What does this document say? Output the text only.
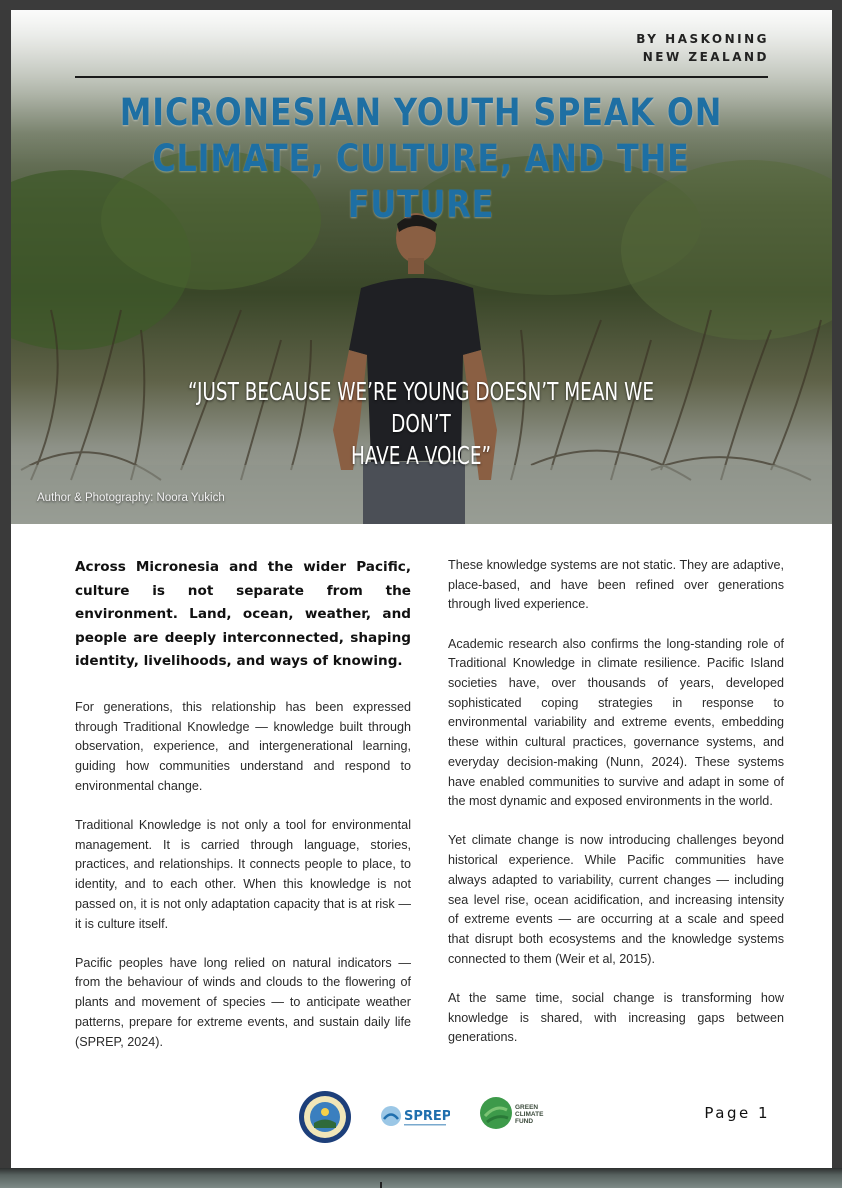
BY HASKONING
NEW ZEALAND
MICRONESIAN YOUTH SPEAK ON
CLIMATE, CULTURE, AND THE FUTURE
“JUST BECAUSE WE’RE YOUNG DOESN’T MEAN WE DON’T
HAVE A VOICE”
Author & Photography: Noora Yukich

Across Micronesia and the wider Pacific, culture is not separate from the environment. Land, ocean, weather, and people are deeply interconnected, shaping identity, livelihoods, and ways of knowing.

For generations, this relationship has been expressed through Traditional Knowledge — knowledge built through observation, experience, and intergenerational learning, guiding how communities understand and respond to environmental change.

Traditional Knowledge is not only a tool for environmental management. It is carried through language, stories, practices, and relationships. It connects people to place, to identity, and to each other. When this knowledge is not passed on, it is not only adaptation capacity that is at risk — it is culture itself.

Pacific peoples have long relied on natural indicators — from the behaviour of winds and clouds to the flowering of plants and movement of species — to anticipate weather patterns, prepare for extreme events, and sustain daily life (SPREP, 2024).

These knowledge systems are not static. They are adaptive, place-based, and have been refined over generations through lived experience.

Academic research also confirms the long-standing role of Traditional Knowledge in climate resilience. Pacific Island societies have, over thousands of years, developed sophisticated coping strategies in response to environmental variability and extreme events, embedding these within cultural practices, governance systems, and everyday decision-making (Nunn, 2024). These systems have enabled communities to survive and adapt in some of the most dynamic and exposed environments in the world.

Yet climate change is now introducing challenges beyond historical experience. While Pacific communities have always adapted to variability, current changes — including sea level rise, ocean acidification, and increasing intensity of extreme events — are occurring at a scale and speed that disrupt both ecosystems and the knowledge systems connected to them (Weir et al, 2015).

At the same time, social change is transforming how knowledge is shared, with increasing gaps between generations.

SPREP
GREEN
CLIMATE
FUND	Page 1
